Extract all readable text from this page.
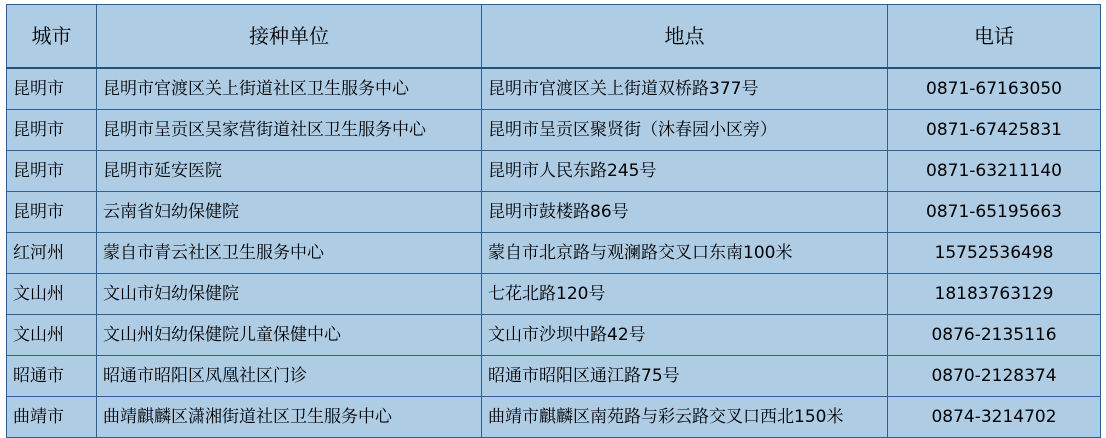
城市	接种单位	地点	电话
昆明市	昆明市官渡区关上街道社区卫生服务中心	昆明市官渡区关上街道双桥路377号	0871-67163050
昆明市	昆明市呈贡区吴家营街道社区卫生服务中心	昆明市呈贡区聚贤街（沐春园小区旁）	0871-67425831
昆明市	昆明市延安医院	昆明市人民东路245号	0871-63211140
昆明市	云南省妇幼保健院	昆明市鼓楼路86号	0871-65195663
红河州	蒙自市青云社区卫生服务中心	蒙自市北京路与观澜路交叉口东南100米	15752536498
文山州	文山市妇幼保健院	七花北路120号	18183763129
文山州	文山州妇幼保健院儿童保健中心	文山市沙坝中路42号	0876-2135116
昭通市	昭通市昭阳区凤凰社区门诊	昭通市昭阳区通江路75号	0870-2128374
曲靖市	曲靖麒麟区潇湘街道社区卫生服务中心	曲靖市麒麟区南苑路与彩云路交叉口西北150米	0874-3214702
